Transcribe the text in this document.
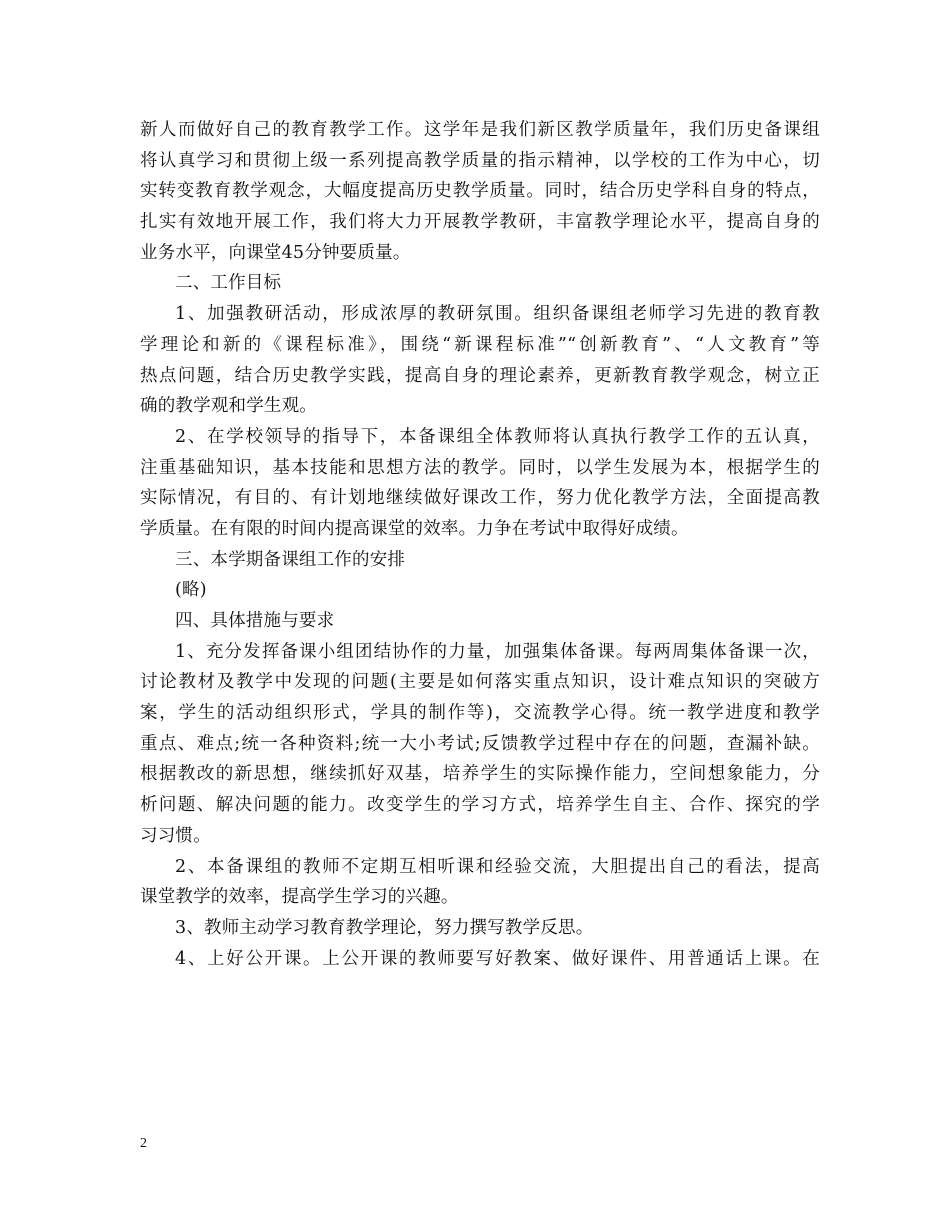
新人而做好自己的教育教学工作。这学年是我们新区教学质量年，我们历史备课组
将认真学习和贯彻上级一系列提高教学质量的指示精神，以学校的工作为中心，切
实转变教育教学观念，大幅度提高历史教学质量。同时，结合历史学科自身的特点，
扎实有效地开展工作，我们将大力开展教学教研，丰富教学理论水平，提高自身的
业务水平，向课堂45分钟要质量。
二、工作目标
1、加强教研活动，形成浓厚的教研氛围。组织备课组老师学习先进的教育教
学理论和新的《课程标准》，围绕“新课程标准”“创新教育”、“人文教育”等
热点问题，结合历史教学实践，提高自身的理论素养，更新教育教学观念，树立正
确的教学观和学生观。
2、在学校领导的指导下，本备课组全体教师将认真执行教学工作的五认真，
注重基础知识，基本技能和思想方法的教学。同时，以学生发展为本，根据学生的
实际情况，有目的、有计划地继续做好课改工作，努力优化教学方法，全面提高教
学质量。在有限的时间内提高课堂的效率。力争在考试中取得好成绩。
三、本学期备课组工作的安排
(略)
四、具体措施与要求
1、充分发挥备课小组团结协作的力量，加强集体备课。每两周集体备课一次，
讨论教材及教学中发现的问题(主要是如何落实重点知识，设计难点知识的突破方
案，学生的活动组织形式，学具的制作等)，交流教学心得。统一教学进度和教学
重点、难点;统一各种资料;统一大小考试;反馈教学过程中存在的问题，查漏补缺。
根据教改的新思想，继续抓好双基，培养学生的实际操作能力，空间想象能力，分
析问题、解决问题的能力。改变学生的学习方式，培养学生自主、合作、探究的学
习习惯。
2、本备课组的教师不定期互相听课和经验交流，大胆提出自己的看法，提高
课堂教学的效率，提高学生学习的兴趣。
3、教师主动学习教育教学理论，努力撰写教学反思。
4、上好公开课。上公开课的教师要写好教案、做好课件、用普通话上课。在
2
